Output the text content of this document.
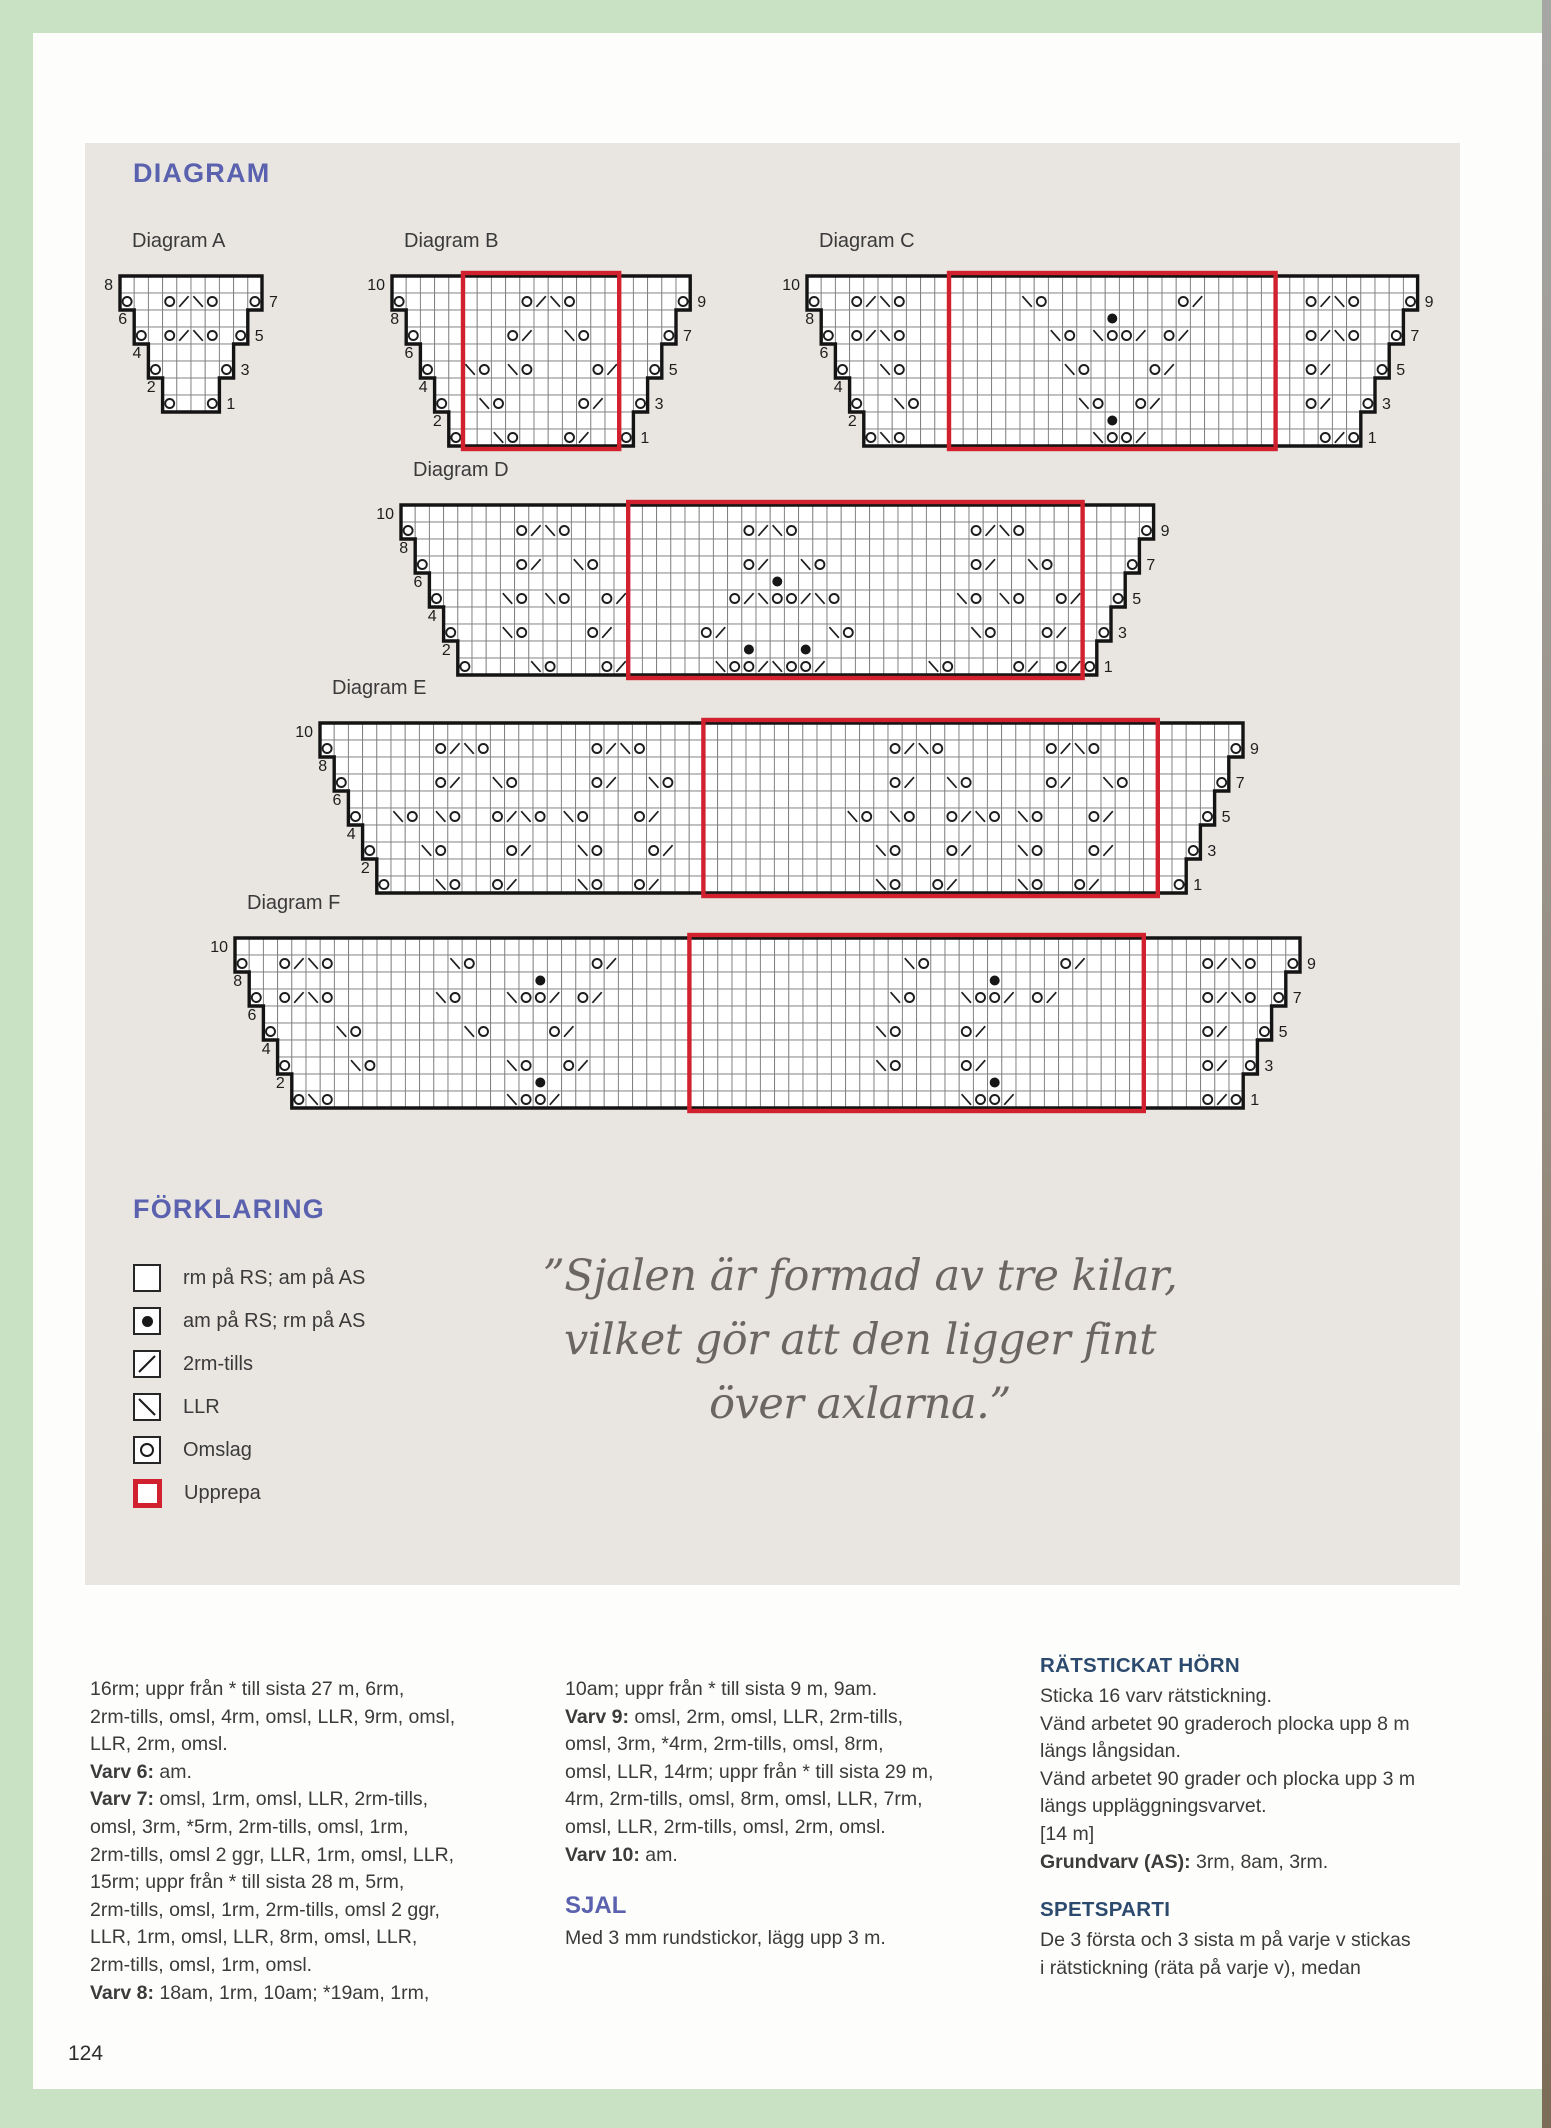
DIAGRAM
FÖRKLARING
rm på RS; am på AS
am på RS; rm på AS
2rm-tills
LLR
Omslag
Upprepa
”Sjalen är formad av tre kilar,
vilket gör att den ligger fint
över axlarna.”
124
8
7
6
5
4
3
2
1
Diagram A
10
9
8
7
6
5
4
3
2
1
Diagram B
10
9
8
7
6
5
4
3
2
1
Diagram C
10
9
8
7
6
5
4
3
2
1
Diagram D
10
9
8
7
6
5
4
3
2
1
Diagram E
10
9
8
7
6
5
4
3
2
1
Diagram F
16rm; uppr från * till sista 27 m, 6rm,
2rm-tills, omsl, 4rm, omsl, LLR, 9rm, omsl,
LLR, 2rm, omsl.
Varv 6: am.
Varv 7: omsl, 1rm, omsl, LLR, 2rm-tills,
omsl, 3rm, *5rm, 2rm-tills, omsl, 1rm,
2rm-tills, omsl 2 ggr, LLR, 1rm, omsl, LLR,
15rm; uppr från * till sista 28 m, 5rm,
2rm-tills, omsl, 1rm, 2rm-tills, omsl 2 ggr,
LLR, 1rm, omsl, LLR, 8rm, omsl, LLR,
2rm-tills, omsl, 1rm, omsl.
Varv 8: 18am, 1rm, 10am; *19am, 1rm,
10am; uppr från * till sista 9 m, 9am.
Varv 9: omsl, 2rm, omsl, LLR, 2rm-tills,
omsl, 3rm, *4rm, 2rm-tills, omsl, 8rm,
omsl, LLR, 14rm; uppr från * till sista 29 m,
4rm, 2rm-tills, omsl, 8rm, omsl, LLR, 7rm,
omsl, LLR, 2rm-tills, omsl, 2rm, omsl.
Varv 10: am.
SJAL
Med 3 mm rundstickor, lägg upp 3 m.
RÄTSTICKAT HÖRN
Sticka 16 varv rätstickning.
Vänd arbetet 90 graderoch plocka upp 8 m
längs långsidan.
Vänd arbetet 90 grader och plocka upp 3 m
längs uppläggningsvarvet.
[14 m]
Grundvarv (AS): 3rm, 8am, 3rm.
SPETSPARTI
De 3 första och 3 sista m på varje v stickas
i rätstickning (räta på varje v), medan
